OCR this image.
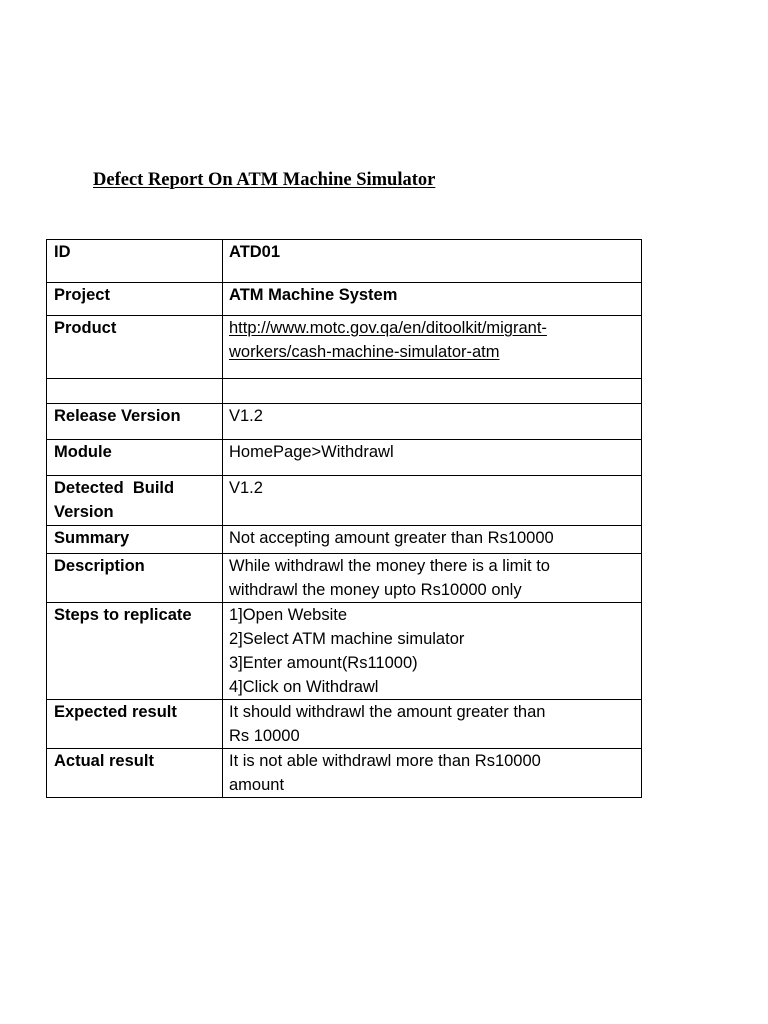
Defect Report On ATM Machine Simulator
ID	ATD01
Project	ATM Machine System
Product	http://www.motc.gov.qa/en/ditoolkit/migrant-
workers/cash-machine-simulator-atm

Release Version	V1.2
Module	HomePage>Withdrawl

Detected  Build
Version	V1.2
Summary	Not accepting amount greater than Rs10000
Description	While withdrawl the money there is a limit to
withdrawl the money upto Rs10000 only

Steps to replicate	1]Open Website
2]Select ATM machine simulator
3]Enter amount(Rs11000)
4]Click on Withdrawl

Expected result	It should withdrawl the amount greater than
Rs 10000

Actual result	It is not able withdrawl more than Rs10000
amount
